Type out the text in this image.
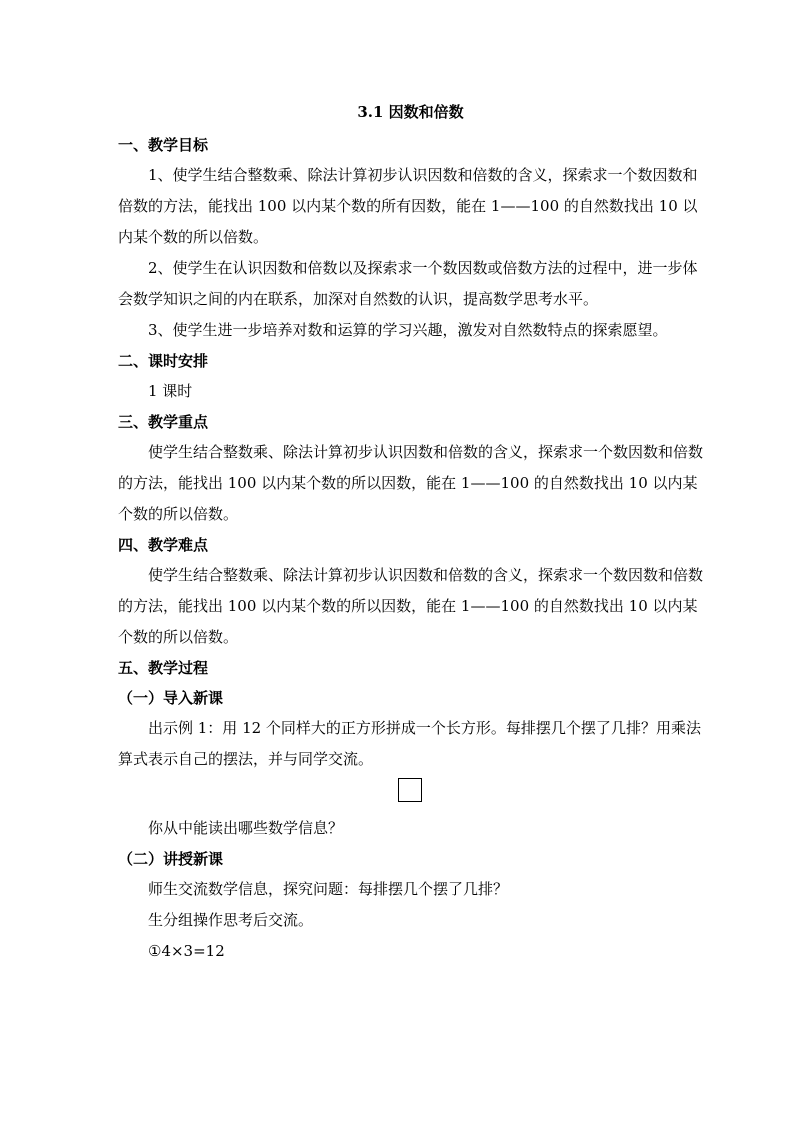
3.1 因数和倍数
一、教学目标

1、使学生结合整数乘、除法计算初步认识因数和倍数的含义，探索求一个数因数和倍数的方法，能找出 100 以内某个数的所有因数，能在 1——100 的自然数找出 10 以内某个数的所以倍数。

2、使学生在认识因数和倍数以及探索求一个数因数或倍数方法的过程中，进一步体会数学知识之间的内在联系，加深对自然数的认识，提高数学思考水平。

3、使学生进一步培养对数和运算的学习兴趣，激发对自然数特点的探索愿望。

二、课时安排

1 课时

三、教学重点

使学生结合整数乘、除法计算初步认识因数和倍数的含义，探索求一个数因数和倍数的方法，能找出 100 以内某个数的所以因数，能在 1——100 的自然数找出 10 以内某个数的所以倍数。

四、教学难点

使学生结合整数乘、除法计算初步认识因数和倍数的含义，探索求一个数因数和倍数的方法，能找出 100 以内某个数的所以因数，能在 1——100 的自然数找出 10 以内某个数的所以倍数。

五、教学过程
（一）导入新课

出示例 1：用 12 个同样大的正方形拼成一个长方形。每排摆几个摆了几排？用乘法算式表示自己的摆法，并与同学交流。

你从中能读出哪些数学信息？

（二）讲授新课

师生交流数学信息，探究问题：每排摆几个摆了几排？

生分组操作思考后交流。

①4×3=12
